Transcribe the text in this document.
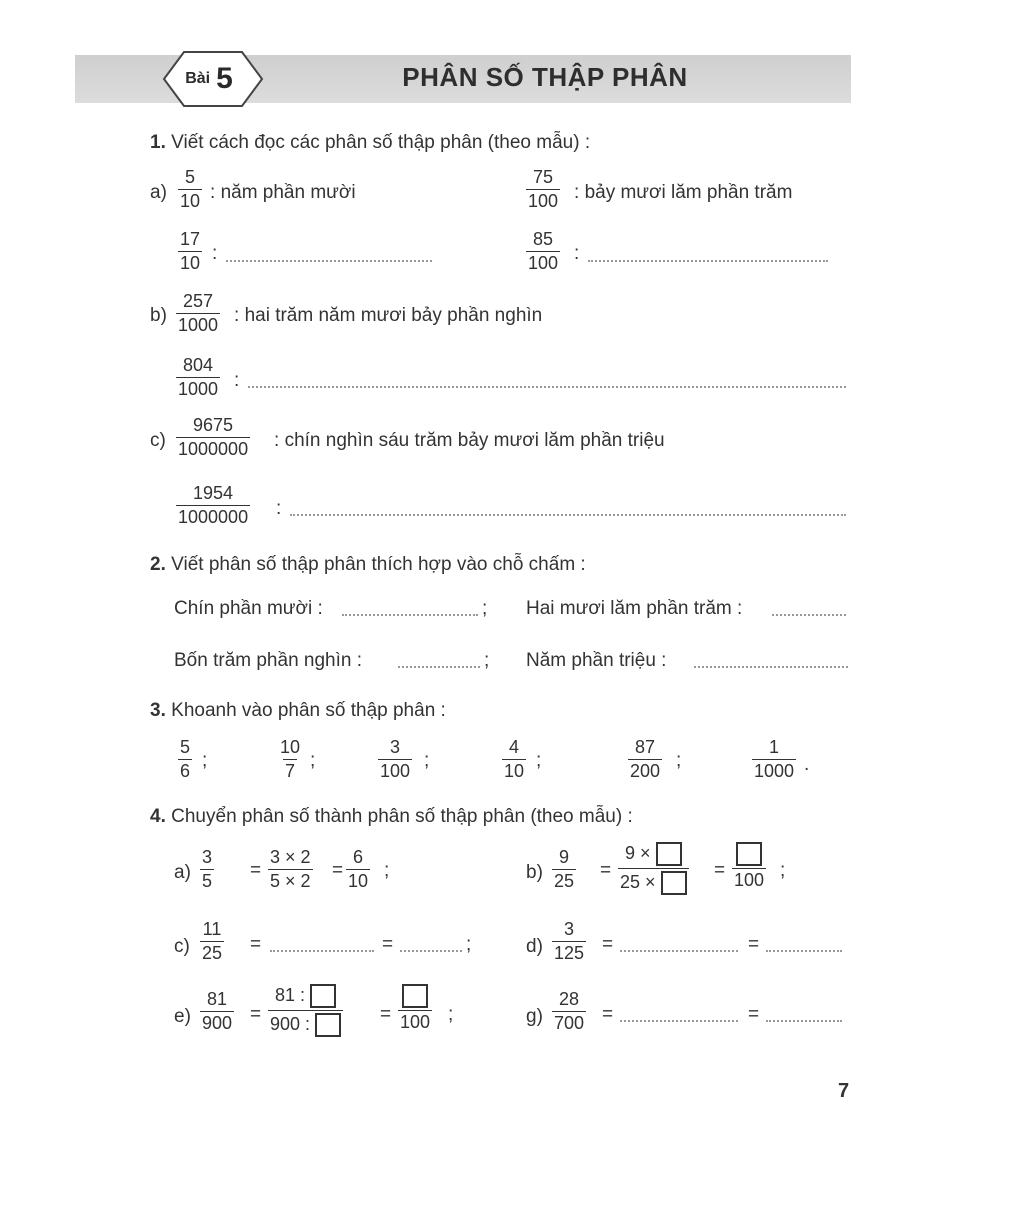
Bài 5	PHÂN SỐ THẬP PHÂN
1. Viết cách đọc các phân số thập phân (theo mẫu) :
$a) \frac{5}{10}$ : năm phần mười	$\frac{75}{100}$ : bảy mươi lăm phần trăm
$\frac{17}{10}$ :	$\frac{85}{100}$ :
$b) \frac{257}{1000}$ : hai trăm năm mươi bảy phần nghìn
$\frac{804}{1000}$ :
$c) \frac{9675}{1000000}$ : chín nghìn sáu trăm bảy mươi lăm phần triệu
$\frac{1954}{1000000}$ :
2. Viết phân số thập phân thích hợp vào chỗ chấm :
Chín phần mười :	; Hai mươi lăm phần trăm :
Bốn trăm phần nghìn :	; Năm phần triệu :
3. Khoanh vào phân số thập phân :
$\frac{5}{6}$ ;	$\frac{10}{7}$ ;	$\frac{3}{100}$ ;	$\frac{4}{10}$ ;	$\frac{87}{200}$ ;	$\frac{1}{1000}$ .
4. Chuyển phân số thành phân số thập phân (theo mẫu) :
$a) \frac{3}{5} = \frac{3 \times 2}{5 \times 2} = \frac{6}{10}$ ;	$b) \frac{9}{25} = \frac{9 \times}{25 \times} = 100$ ;
$c) \frac{11}{25}$ =	=	;	$d) \frac{3}{125}$ =	=
$e) \frac{81}{900} = \frac{81 :}{900 :} = 100$ ;	$g) \frac{28}{700}$ =	=
7
